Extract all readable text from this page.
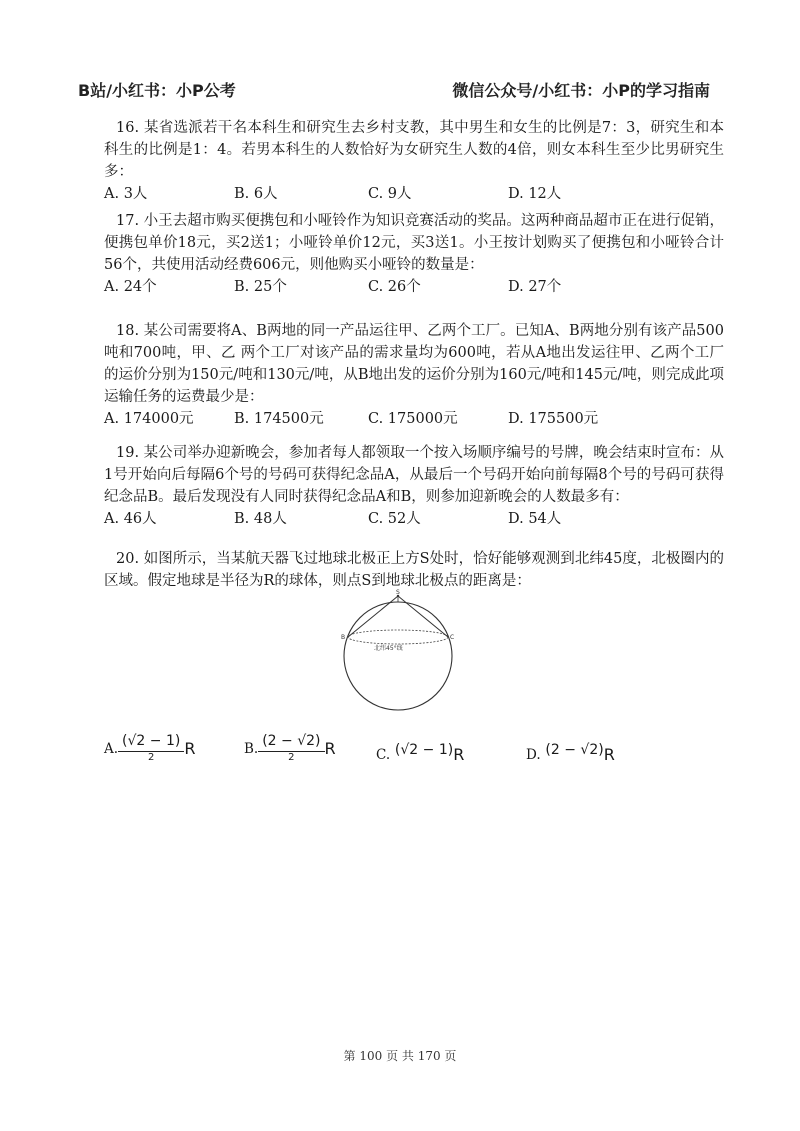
B站/小红书：小P公考	微信公众号/小红书：小P的学习指南

16. 某省选派若干名本科生和研究生去乡村支教，其中男生和女生的比例是7：3，研究生和本科生的比例是1：4。若男本科生的人数恰好为女研究生人数的4倍，则女本科生至少比男研究生多：

A. 3人	B. 6人	C. 9人	D. 12人

17. 小王去超市购买便携包和小哑铃作为知识竞赛活动的奖品。这两种商品超市正在进行促销，便携包单价18元，买2送1；小哑铃单价12元，买3送1。小王按计划购买了便携包和小哑铃合计56个，共使用活动经费606元，则他购买小哑铃的数量是：

A. 24个	B. 25个	C. 26个	D. 27个

18. 某公司需要将A、B两地的同一产品运往甲、乙两个工厂。已知A、B两地分别有该产品500吨和700吨，甲、乙 两个工厂对该产品的需求量均为600吨，若从A地出发运往甲、乙两个工厂的运价分别为150元/吨和130元/吨，从B地出发的运价分别为160元/吨和145元/吨，则完成此项运输任务的运费最少是：

A. 174000元	B. 174500元	C. 175000元	D. 175500元

19. 某公司举办迎新晚会，参加者每人都领取一个按入场顺序编号的号牌，晚会结束时宣布：从1号开始向后每隔6个号的号码可获得纪念品A，从最后一个号码开始向前每隔8个号的号码可获得纪念品B。最后发现没有人同时获得纪念品A和B，则参加迎新晚会的人数最多有：

A. 46人	B. 48人	C. 52人	D. 54人

20. 如图所示，当某航天器飞过地球北极正上方S处时，恰好能够观测到北纬45度，北极圈内的区域。假定地球是半径为R的球体，则点S到地球北极点的距离是：

S
B	C
北纬45°线
A. $\frac{(√2 - 1)}{2}$ R	B. $\frac{(2 - √2)}{2}$ R	C. (√2 − 1)R	D. (2 − √2)R
第 100 页 共 170 页
